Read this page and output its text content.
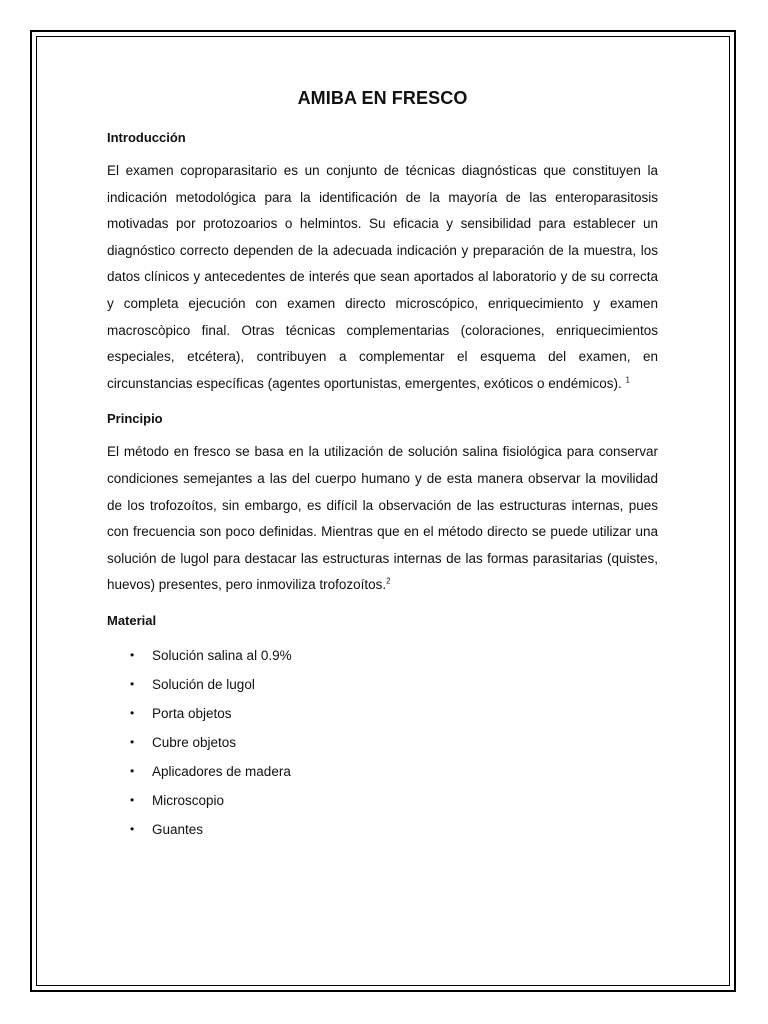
AMIBA EN FRESCO
Introducción

El examen coproparasitario es un conjunto de técnicas diagnósticas que constituyen la indicación metodológica para la identificación de la mayoría de las enteroparasitosis motivadas por protozoarios o helmintos. Su eficacia y sensibilidad para establecer un diagnóstico correcto dependen de la adecuada indicación y preparación de la muestra, los datos clínicos y antecedentes de interés que sean aportados al laboratorio y de su correcta y completa ejecución con examen directo microscópico, enriquecimiento y examen macroscòpico final. Otras técnicas complementarias (coloraciones, enriquecimientos especiales, etcétera), contribuyen a complementar el esquema del examen, en circunstancias específicas (agentes oportunistas, emergentes, exóticos o endémicos). $^1$

Principio

El método en fresco se basa en la utilización de solución salina fisiológica para conservar condiciones semejantes a las del cuerpo humano y de esta manera observar la movilidad de los trofozoítos, sin embargo, es difícil la observación de las estructuras internas, pues con frecuencia son poco definidas. Mientras que en el método directo se puede utilizar una solución de lugol para destacar las estructuras internas de las formas parasitarias (quistes, huevos) presentes, pero inmoviliza trofozoítos.$^2$

Material
• Solución salina al 0.9%
• Solución de lugol
• Porta objetos
• Cubre objetos
• Aplicadores de madera
• Microscopio
• Guantes
